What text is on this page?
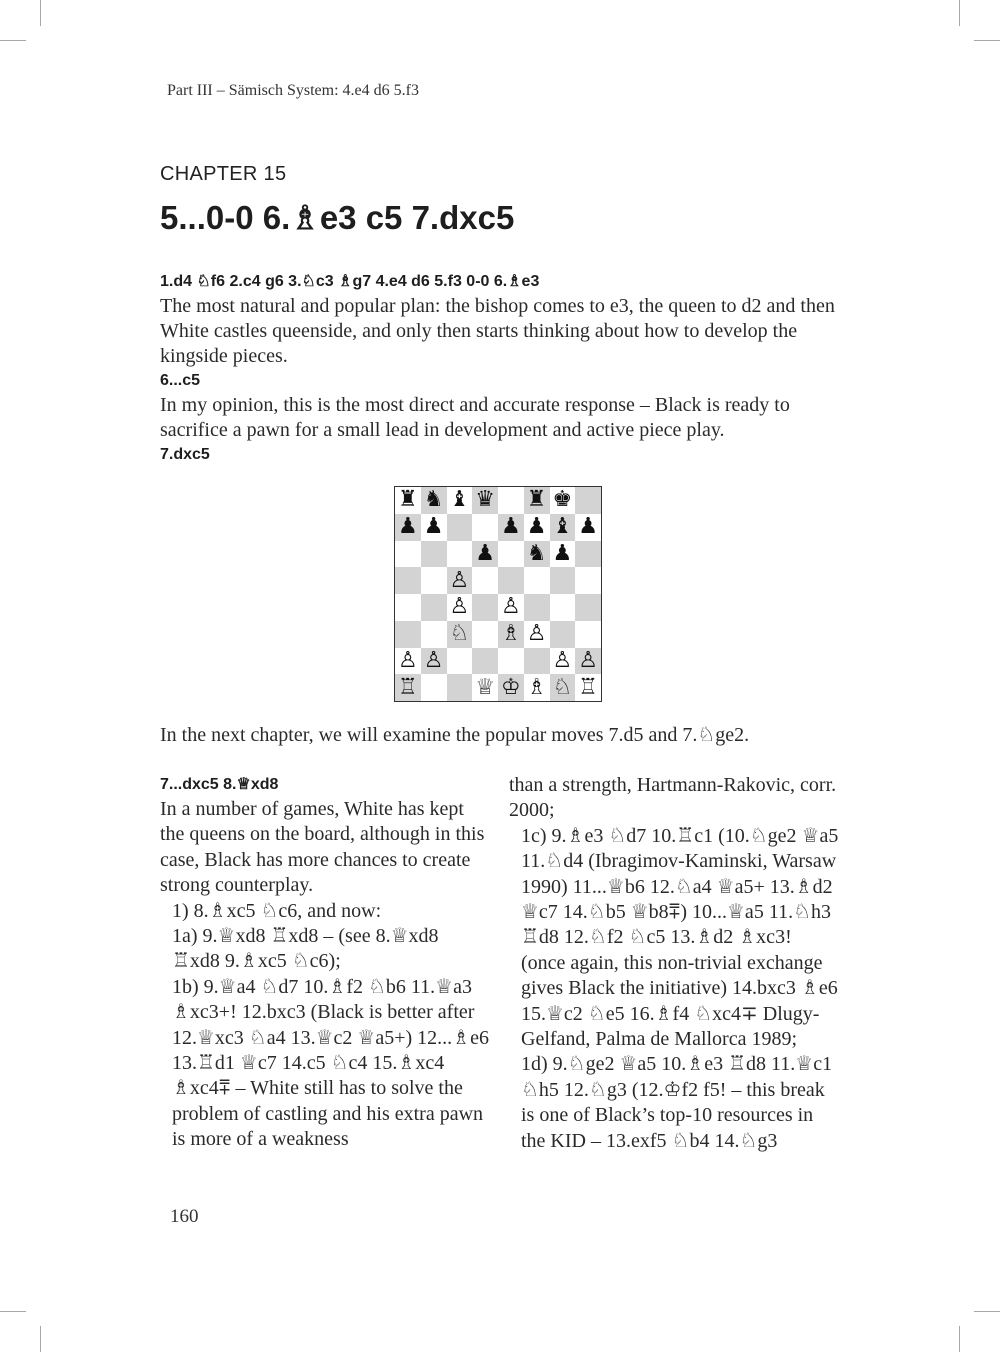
Part III – Sämisch System: 4.e4 d6 5.f3
CHAPTER 15
5...0-0 6.♗e3 c5 7.dxc5

1.d4 ♘f6 2.c4 g6 3.♘c3 ♗g7 4.e4 d6 5.f3 0-0 6.♗e3

The most natural and popular plan: the bishop comes to e3, the queen to d2 and then White castles queenside, and only then starts thinking about how to develop the kingside pieces.

6...c5

In my opinion, this is the most direct and accurate response – Black is ready to sacrifice a pawn for a small lead in development and active piece play.

7.dxc5

♜ ♞ ♝ ♛ ♜ ♚
♟ ♟	♟ ♟ ♝ ♟
♟ ♞ ♟
♙
♙ ♙
♘ ♗ ♙
♙ ♙	♙ ♙
♖	♕ ♔ ♗ ♘ ♖

In the next chapter, we will examine the popular moves 7.d5 and 7.♘ge2.

7...dxc5 8.♕xd8

In a number of games, White has kept the queens on the board, although in this case, Black has more chances to create strong counterplay.

1) 8.♗xc5 ♘c6, and now:

1a) 9.♕xd8 ♖xd8 – (see 8.♕xd8 ♖xd8 9.♗xc5 ♘c6);

1b) 9.♕a4 ♘d7 10.♗f2 ♘b6 11.♕a3 ♗xc3+! 12.bxc3 (Black is better after 12.♕xc3 ♘a4 13.♕c2 ♕a5+) 12...♗e6 13.♖d1 ♕c7 14.c5 ♘c4 15.♗xc4 ♗xc4⩱ – White still has to solve the problem of castling and his extra pawn is more of a weakness

than a strength, Hartmann-Rakovic, corr. 2000;

1c) 9.♗e3 ♘d7 10.♖c1 (10.♘ge2 ♕a5 11.♘d4 (Ibragimov-Kaminski, Warsaw 1990) 11...♕b6 12.♘a4 ♕a5+ 13.♗d2 ♕c7 14.♘b5 ♕b8⩱) 10...♕a5 11.♘h3 ♖d8 12.♘f2 ♘c5 13.♗d2 ♗xc3! (once again, this non-trivial exchange gives Black the initiative) 14.bxc3 ♗e6 15.♕c2 ♘e5 16.♗f4 ♘xc4∓ Dlugy-Gelfand, Palma de Mallorca 1989;

1d) 9.♘ge2 ♕a5 10.♗e3 ♖d8 11.♕c1 ♘h5 12.♘g3 (12.♔f2 f5! – this break is one of Black’s top-10 resources in the KID – 13.exf5 ♘b4 14.♘g3

160
